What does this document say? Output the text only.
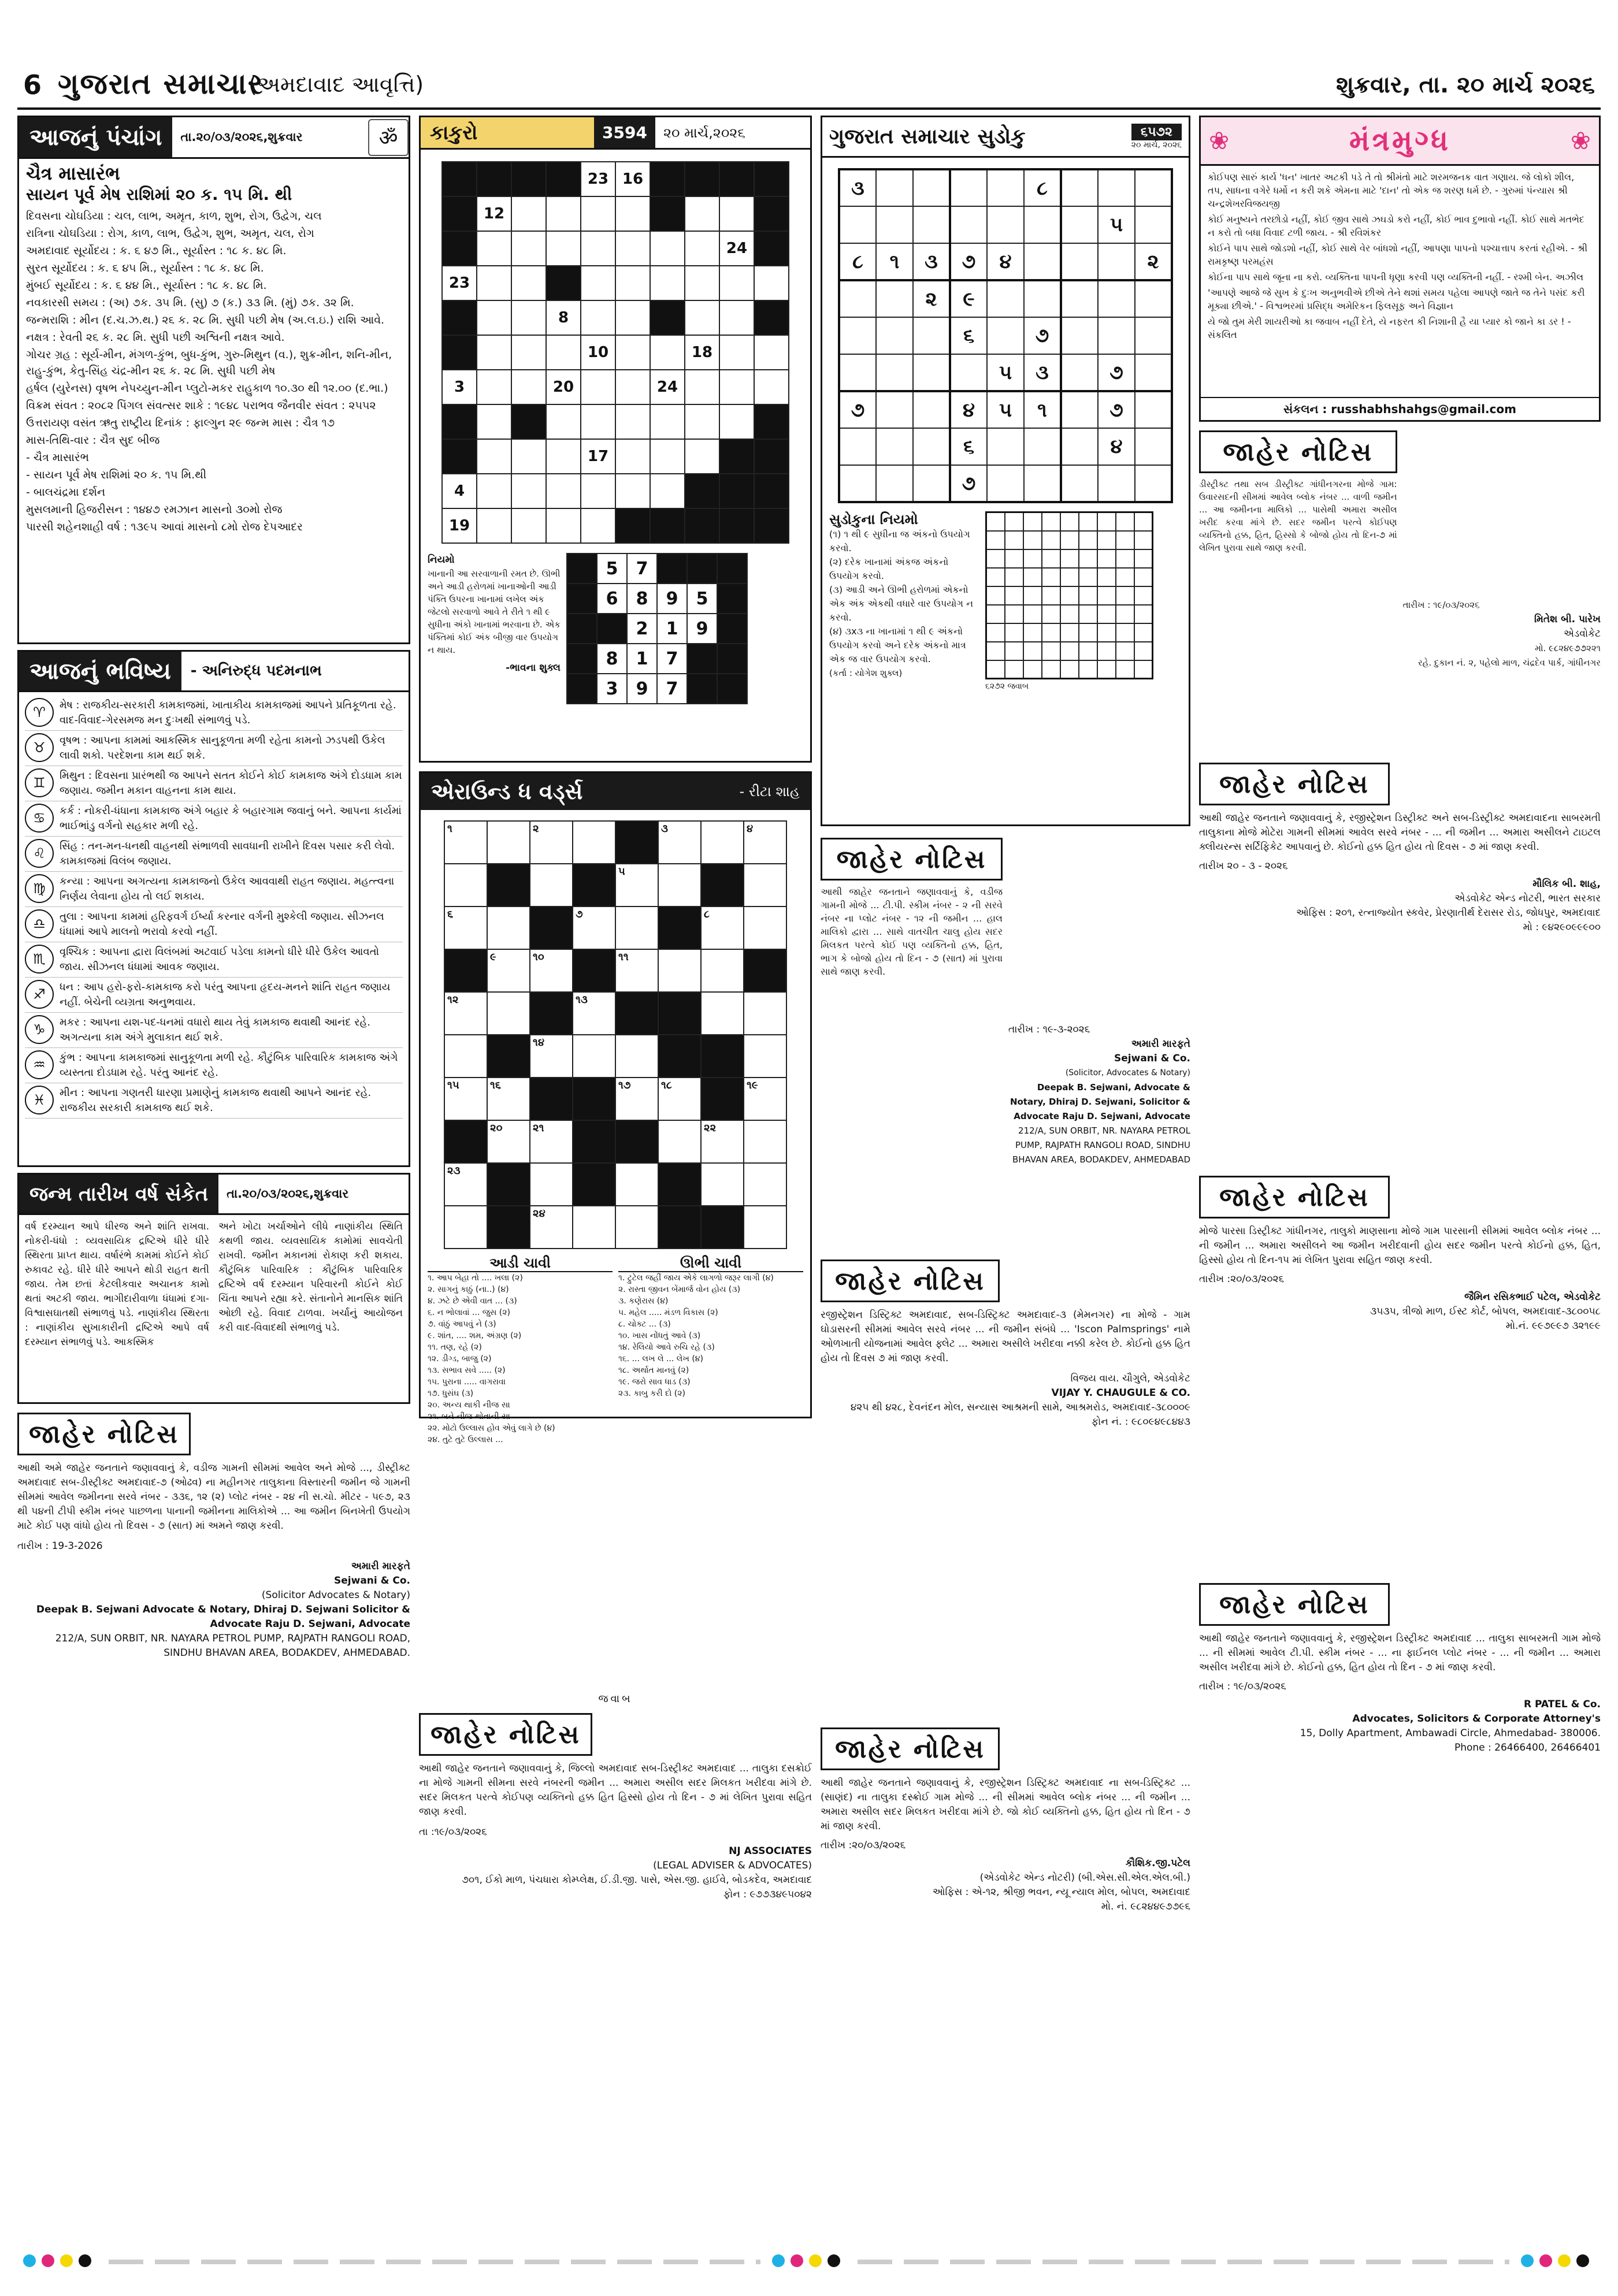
6 ગુજરાત સમાચાર
(અમદાવાદ આવૃત્તિ)	શુક્રવાર, તા. ૨૦ માર્ચ ૨૦૨૬
આજનું પંચાંગ	તા.૨૦/૦૩/૨૦૨૬,શુક્રવાર	ॐ
ચૈત્ર માસારંભ
સાયન પૂર્વ મેષ રાશિમાં ૨૦ ક. ૧૫ મિ. થી

દિવસના ચોઘડિયા : ચલ, લાભ, અમૃત, કાળ, શુભ, રોગ, ઉદ્વેગ, ચલ

રાત્રિના ચોઘડિયા : રોગ, કાળ, લાભ, ઉદ્વેગ, શુભ, અમૃત, ચલ, રોગ

અમદાવાદ સૂર્યોદય : ક. ૬ ૪૭ મિ., સૂર્યાસ્ત : ૧૮ ક. ૪૮ મિ.

સુરત સૂર્યોદય : ક. ૬ ૪૫ મિ., સૂર્યાસ્ત : ૧૮ ક. ૪૮ મિ.

મુંબઈ સૂર્યોદય : ક. ૬ ૪૪ મિ., સૂર્યાસ્ત : ૧૮ ક. ૪૮ મિ.

નવકારસી સમય : (અ) ૭ક. ૩૫ મિ. (સુ) ૭ (ક.) ૩૩ મિ. (મું) ૭ક. ૩૨ મિ.

જન્મરાશિ : મીન (દ.ચ.ઝ.થ.) ૨૬ ક. ૨૮ મિ. સુધી પછી મેષ (અ.લ.ઇ.) રાશિ આવે.

નક્ષત્ર : રેવતી ૨૬ ક. ૨૮ મિ. સુધી પછી અશ્વિની નક્ષત્ર આવે.

ગોચર ગ્રહ : સૂર્ય-મીન, મંગળ-કુંભ, બુધ-કુંભ, ગુરુ-મિથુન (વ.), શુક્ર-મીન, શનિ-મીન, રાહુ-કુંભ, કેતુ-સિંહ ચંદ્ર-મીન ૨૬ ક. ૨૮ મિ. સુધી પછી મેષ

હર્ષલ (યુરેનસ) વૃષભ નેપચ્યુન-મીન પ્લુટો-મકર રાહુકાળ ૧૦.૩૦ થી ૧૨.૦૦ (દ.ભા.)

વિક્રમ સંવત : ૨૦૮૨ પિંગલ સંવત્સર શાકે : ૧૯૪૮ પરાભવ જૈનવીર સંવત : ૨૫૫૨

ઉત્તરાયણ વસંત ઋતુ રાષ્ટ્રીય દિનાંક : ફાલ્ગુન ૨૯ જન્મ માસ : ચૈત્ર ૧૭

માસ-તિથિ-વાર : ચૈત્ર સુદ બીજ

- ચૈત્ર માસારંભ

- સાયન પૂર્વ મેષ રાશિમાં ૨૦ ક. ૧૫ મિ.થી

- બાલચંદ્રમા દર્શન

મુસલમાની હિજરીસન : ૧૪૪૭ રમઝાન માસનો ૩૦મો રોજ

પારસી શહેનશાહી વર્ષ : ૧૩૯૫ આવાં માસનો ૮મો રોજ દેપઆદર

આજનું ભવિષ્ય	- અનિરુદ્ધ પદમનાભ
♈	મેષ : રાજકીય-સરકારી કામકાજમાં, ખાતાકીય કામકાજમાં આપને પ્રતિકૂળતા રહે. વાદ-વિવાદ-ગેરસમજ મન દુઃખથી સંભાળવું પડે.
♉	વૃષભ : આપના કામમાં આકસ્મિક સાનુકૂળતા મળી રહેતા કામનો ઝડપથી ઉકેલ લાવી શકો. પરદેશના કામ થઈ શકે.
♊	મિથુન : દિવસના પ્રારંભથી જ આપને સતત કોઈને કોઈ કામકાજ અંગે દોડધામ કામ જણાય. જમીન મકાન વાહનના કામ થાય.
♋	કર્ક : નોકરી-ધંધાના કામકાજ અંગે બહાર કે બહારગામ જવાનું બને. આપના કાર્યમાં ભાઈભાંડુ વર્ગનો સહકાર મળી રહે.
♌	સિંહ : તન-મન-ધનથી વાહનથી સંભાળવી સાવધાની રાખીને દિવસ પસાર કરી લેવો. કામકાજમાં વિલંબ જણાય.
♍	કન્યા : આપના અગત્યના કામકાજનો ઉકેલ આવવાથી રાહત જણાય. મહત્ત્વના નિર્ણય લેવાના હોય તો લઈ શકાય.
♎	તુલા : આપના કામમાં હરિફવર્ગ ઈર્ષ્યા કરનાર વર્ગની મુશ્કેલી જણાય. સીઝનલ ધંધામાં આપે માલનો ભરાવો કરવો નહીં.
♏	વૃશ્ચિક : આપના દ્વારા વિલંબમાં અટવાઈ પડેલા કામનો ધીરે ધીરે ઉકેલ આવતો જાય. સીઝનલ ધંધામાં આવક જણાય.
♐	ધન : આપ હરો-ફરો-કામકાજ કરો પરંતુ આપના હૃદય-મનને શાંતિ રાહત જણાય નહીં. બેચેની વ્યગ્રતા અનુભવાય.
♑	મકર : આપના યશ-પદ-ધનમાં વધારો થાય તેવું કામકાજ થવાથી આનંદ રહે. અગત્યના કામ અંગે મુલાકાત થઈ શકે.
♒	કુંભ : આપના કામકાજમાં સાનુકૂળતા મળી રહે. કૌટુંબિક પારિવારિક કામકાજ અંગે વ્યસ્તતા દોડધામ રહે. પરંતુ આનંદ રહે.
♓	મીન : આપના ગણતરી ધારણા પ્રમાણેનું કામકાજ થવાથી આપને આનંદ રહે. રાજકીય સરકારી કામકાજ થઈ શકે.
જન્મ તારીખ વર્ષ સંકેત	તા.૨૦/૦૩/૨૦૨૬,શુક્રવાર
વર્ષ દરમ્યાન આપે ધીરજ અને શાંતિ રાખવા. નોકરી-ધંધો : વ્યવસાયિક દ્રષ્ટિએ ધીરે ધીરે સ્થિરતા પ્રાપ્ત થાય. વર્ષારંભે કામમાં કોઈને કોઈ રુકાવટ રહે. ધીરે ધીરે આપને થોડી રાહત થતી જાય. તેમ છતાં કેટલીકવાર અચાનક કામો થતાં અટકી જાય. ભાગીદારીવાળા ધંધામાં દગા-વિશ્વાસઘાતથી સંભાળવું પડે. નાણાંકીય સ્થિરતા : નાણાંકીય સુખાકારીની દ્રષ્ટિએ આપે વર્ષ દરમ્યાન સંભાળવું પડે. આકસ્મિક
અને ખોટા ખર્ચાઓને લીધે નાણાંકીય સ્થિતિ કથળી જાય. વ્યવસાયિક કામોમાં સાવચેતી રાખવી. જમીન મકાનમાં રોકાણ કરી શકાય. કૌટુંબિક પારિવારિક : કૌટુંબિક પારિવારિક દ્રષ્ટિએ વર્ષ દરમ્યાન પરિવારની કોઈને કોઈ ચિંતા આપને રહ્યા કરે. સંતાનોને માનસિક શાંતિ ઓછી રહે. વિવાદ ટાળવા. ખર્ચાનું આયોજન કરી વાદ-વિવાદથી સંભાળવું પડે.
જાહેર નોટિસ
આથી અમે જાહેર જનતાને જણાવવાનું કે, વડીજ ગામની સીમમાં આવેલ અને મોજે ..., ડીસ્ટ્રીક્ટ અમદાવાદ સબ-ડીસ્ટ્રીક્ટ અમદાવાદ-૭ (ઓઢવ) ના મહીનગર તાલુકાના વિસ્તારની જમીન જે ગામની સીમમાં આવેલ જમીનના સરવે નંબર - ૩૩૬, ૧૨ (૨) પ્લોટ નંબર - ૨૪ ની સ.ચો. મીટર - ૫૯૭, ૨૩ થી ૫૪ની ટીપી સ્કીમ નંબર પાછળના પાનાની જમીનના માલિકોએ ... આ જમીન બિનખેતી ઉપયોગ માટે કોઈ પણ વાંધો હોય તો દિવસ - ૭ (સાત) માં અમને જાણ કરવી.
તારીખ : 19-3-2026
અમારી મારફતે
Sejwani & Co.
(Solicitor Advocates & Notary)
Deepak B. Sejwani Advocate & Notary, Dhiraj D. Sejwani Solicitor & Advocate Raju D. Sejwani, Advocate
212/A, SUN ORBIT, NR. NAYARA PETROL PUMP, RAJPATH RANGOLI ROAD, SINDHU BHAVAN AREA, BODAKDEV, AHMEDABAD.
કાકુરો	3594	૨૦ માર્ચ,૨૦૨૬
				23	16				
	12								
								24	
23									
			8						
				10			18		
3			20			24			

				17					
4									
19									
નિયમો
ખાનાની આ સરવાળાની રમત છે. ઊભી અને આડી હરોળમાં ખાનાઓની આડી પંક્તિ ઉપરના ખાનામાં લખેલ અંક જેટલો સરવાળો આવે તે રીતે ૧ થી ૯ સુધીના અંકો ખાનામાં ભરવાના છે. એક પંક્તિમાં કોઈ અંક બીજી વાર ઉપયોગ ન થાય.
-ભાવના શુક્લ
	5	7			
	6	8	9	5	
		2	1	9	
	8	1	7		
	3	9	7		
એરાઉન્ડ ધ વર્ડ્સ	- રીટા શાહ
૧		૨			૩		૪

				૫			

૬			૭			૮	

	૯	૧૦		૧૧			

૧૨			૧૩				

		૧૪					

૧૫	૧૬			૧૭	૧૮		૧૯

	૨૦	૨૧				૨૨	

૨૩							

		૨૪					

આડી ચાવી
૧. આપ બેહા તો .... ખલા (૨)
૨. સાગનું કાઠું (ના..) (૪)
૪. ઝટે છે એવી વાત ... (૩)
૬. ન ભોલાવાં ... જુસ (૨)
૭. વાંઠું આપવું ને (૩)
૯. શાંત, .... શમ, અંગ્રણ (૨)
૧૧. તણ, રહે (૨)
૧૨. ડીગ્ડ, બાજુ (૨)
૧૩. સભાવ સવે ..... (૨)
૧૫. પુરાના ..... વાગરાવા
૧૭. ધુસંઘ (૩)
૨૦. અન્ય થાકી નીજ સા
૨૧. બને નીજ થોતાની સા
૨૨. મોટો ઉલ્લાસ હોવ એવું લાગે છે (૪)
૨૪. તુટે તુટે ઉલ્લાસ ...
ઊભી ચાવી
૧. ટ્રુટેલ જહીં જાય એકે લાગળો જરૂર લાગી (૪)
૨. રાસ્તા જીવન બેંમાર્જ વોન હોય (૩)
૩. કણેરાસ (૪)
૫. મહેલ ..... મંડળ વિકાસ (૨)
૮. ચોક્ટ ... (૩)
૧૦. ખાસ નોંધતું આવે (૩)
૧૪. રેલિયો આવે રુચિ રહે (૩)
૧૬. ... લખ લે ... લેખ (૪)
૧૮. અર્થાત માનવું (૨)
૧૯. જરો સાવ ધાડ (૩)
૨૩. કાબુ કરી દો (૨)
જવાબ
જાહેર નોટિસ
આથી જાહેર જનતાને જણાવવાનું કે, જિલ્લો અમદાવાદ સબ-ડિસ્ટ્રીક્ટ અમદાવાદ ... તાલુકા દસક્રોઈ ના મોજે ગામની સીમના સરવે નંબરની જમીન ... અમારા અસીલ સદર મિલકત ખરીદવા માંગે છે. સદર મિલકત પરત્વે કોઈપણ વ્યક્તિનો હક્ક હિત હિસ્સો હોય તો દિન - ૭ માં લેખિત પુરાવા સહિત જાણ કરવી.
તા :૧૯/૦૩/૨૦૨૬
NJ ASSOCIATES
(LEGAL ADVISER & ADVOCATES)
૭૦૧, ઈકો માળ, પંચધારા કોમ્પ્લેક્ષ, ઈ.ડી.જી. પાસે, એસ.જી. હાઈવે, બોડકદેવ, અમદાવાદ
ફોન : ૯૭૭૩૪૯૫૦૪૨
ગુજરાત સમાચાર સુડોકુ	૬૫૭૨
૨૦ માર્ચ, ૨૦૨૬
૩					૮			
							૫	
૮	૧	૩	૭	૪				૨
		૨	૯					
			૬		૭			
				૫	૩		૭	
૭			૪	૫	૧		૭	
			૬				૪	
			૭					
સુડોકુના નિયમો
(૧) ૧ થી ૯ સુધીના જ અંકનો ઉપયોગ કરવો.
(૨) દરેક ખાનામાં અંકજ અંકનો ઉપયોગ કરવો.
(૩) આડી અને ઊભી હરોળમાં એકનો એક અંક એકથી વધારે વાર ઉપયોગ ન કરવો.
(૪) ૩x૩ ના ખાનામાં ૧ થી ૯ અંકનો ઉપયોગ કરવો અને દરેક અંકનો માત્ર એક જ વાર ઉપયોગ કરવો.
(કર્તા : યોગેશ શુક્લ)

૬૨૭૨ જવાબ
જાહેર નોટિસ
આથી જાહેર જનતાને જણાવવાનું કે, વડીજ ગામની મોજે ... ટી.પી. સ્કીમ નંબર - ૨ ની સરવે નંબર ના પ્લોટ નંબર - ૧૨ ની જમીન ... હાલ માલિકો દ્વારા ... સાથે વાતચીત ચાલુ હોય સદર મિલકત પરત્વે કોઈ પણ વ્યક્તિનો હક્ક, હિત, ભાગ કે બોજો હોય તો દિન - ૭ (સાત) માં પુરાવા સાથે જાણ કરવી.
તારીખ : ૧૯-૩-૨૦૨૬
અમારી મારફતે
Sejwani & Co.
(Solicitor, Advocates & Notary)
Deepak B. Sejwani, Advocate & Notary, Dhiraj D. Sejwani, Solicitor & Advocate Raju D. Sejwani, Advocate
212/A, SUN ORBIT, NR. NAYARA PETROL PUMP, RAJPATH RANGOLI ROAD, SINDHU BHAVAN AREA, BODAKDEV, AHMEDABAD
જાહેર નોટિસ
રજીસ્ટ્રેશન ડિસ્ટ્રિક્ટ અમદાવાદ, સબ-ડિસ્ટ્રિક્ટ અમદાવાદ-૩ (મેમનગર) ના મોજે - ગામ ઘોડાસરની સીમમાં આવેલ સરવે નંબર ... ની જમીન સંબંધે ... 'Iscon Palmsprings' નામે ઓળખાતી યોજનામાં આવેલ ફ્લેટ ... અમારા અસીલે ખરીદવા નક્કી કરેલ છે. કોઈનો હક્ક હિત હોય તો દિવસ ૭ માં જાણ કરવી.
વિજય વાય. ચૌગુલે, એડવોકેટ
VIJAY Y. CHAUGULE & CO.
૪૨૫ થી ૪૨૮, દેવનંદન મોલ, સન્યાસ આશ્રમની સામે, આશ્રમરોડ, અમદાવાદ-૩૮૦૦૦૯
ફોન નં. : ૯૮૦૯૪૯૮૪૪૩
જાહેર નોટિસ
આથી જાહેર જનતાને જણાવવાનું કે, રજીસ્ટ્રેશન ડિસ્ટ્રિક્ટ અમદાવાદ ના સબ-ડિસ્ટ્રિક્ટ ... (સાણંદ) ના તાલુકા દસ્ક્રોઈ ગામ મોજે ... ની સીમમાં આવેલ બ્લોક નંબર ... ની જમીન ... અમારા અસીલ સદર મિલકત ખરીદવા માંગે છે. જો કોઈ વ્યક્તિનો હક્ક, હિત હોય તો દિન - ૭ માં જાણ કરવી.
તારીખ :૨૦/૦૩/૨૦૨૬
કૌશિક.જી.પટેલ
(એડવોકેટ એન્ડ નોટરી) (બી.એસ.સી.એલ.એલ.બી.)
ઓફિસ : એ-૧૨, શ્રીજી ભવન, ન્યૂ ન્યાલ મોલ, બોપલ, અમદાવાદ
મો. નં. ૯૮૨૪૪૯૭૭૯૬
❀	મંત્રમુગ્ધ	❀
કોઈપણ સારું કાર્ય 'ધન' ખાતર અટકી પડે તે તો શ્રીમંતો માટે શરમજનક વાત ગણાય. જે લોકો શીલ, તપ, સાધના વગેરે ધર્મો ન કરી શકે એમના માટે 'દાન' તો એક જ શરણ ધર્મ છે. - ગુરુમાં પંન્યાસ શ્રી ચન્દ્રશેખરવિજયજી
કોઈ મનુષ્યને તરછોડો નહીં, કોઈ જીવ સાથે ઝઘડો કરો નહીં, કોઈ ભાવ દુભાવો નહીં. કોઈ સાથે મતભેદ ન કરો તો બધા વિવાદ ટળી જાય. - શ્રી રવિશંકર
કોઈને પાપ સાથે જોડશો નહીં, કોઈ સાથે વેર બાંધશો નહીં, આપણા પાપનો પશ્ચાત્તાપ કરતાં રહીએ. - શ્રી રામકૃષ્ણ પરમહંસ
કોઈના પાપ સાથે જૂના ના કરો. વ્યક્તિના પાપની ધૃણા કરવી પણ વ્યક્તિની નહીં. - રશ્મી બેન. અઝીલ
'આપણે આજે જે સુખ કે દુઃખ અનુભવીએ છીએ તેને થશાં સમય પહેલા આપણે જાતે જ તેને પસંદ કરી મૂક્યા છીએ.' - વિશ્વભરમાં પ્રસિદ્ધ અમેરિકન ફિલસૂફ અને વિજ્ઞાન
યે જો તુમ મેરી શાયરીઓ કા જવાબ નહીં દેતે, યે નફરત કી નિશાની હૈ યા પ્યાર કો જાને કા ડર ! - સંકલિત
સંકલન : russhabhshahgs@gmail.com
જાહેર નોટિસ
ડીસ્ટ્રીક્ટ તથા સબ ડીસ્ટ્રીક્ટ ગાંધીનગરના મોજે ગામ: ઉવારસદની સીમમાં આવેલ બ્લોક નંબર ... વાળી જમીન ... આ જમીનના માલિકો ... પાસેથી અમારા અસીલ ખરીદ કરવા માંગે છે. સદર જમીન પરત્વે કોઈપણ વ્યક્તિનો હક્ક, હિત, હિસ્સો કે બોજો હોય તો દિન-૭ માં લેખિત પુરાવા સાથે જાણ કરવી.
તારીખ : ૧૯/૦૩/૨૦૨૬
મિતેશ બી. પારેખ
એડવોકેટ
મો. ૯૮૨૪૯૭૭૨૨૧
રહે. દુકાન નં. ૨, પહેલો માળ, ચંદ્રદેવ પાર્ક, ગાંધીનગર
જાહેર નોટિસ
આથી જાહેર જનતાને જણાવવાનું કે, રજીસ્ટ્રેશન ડિસ્ટ્રીક્ટ અને સબ-ડિસ્ટ્રીક્ટ અમદાવાદના સાબરમતી તાલુકાના મોજે મોટેરા ગામની સીમમાં આવેલ સરવે નંબર - ... ની જમીન ... અમારા અસીલને ટાઇટલ ક્લીયરન્સ સર્ટિફિકેટ આપવાનું છે. કોઈનો હક્ક હિત હોય તો દિવસ - ૭ માં જાણ કરવી.
તારીખ ૨૦ - ૩ - ૨૦૨૬
મૌલિક બી. શાહ,
એડવોકેટ એન્ડ નોટરી, ભારત સરકાર
ઓફિસ : ૨૦૧, રત્નાજ્યોત સ્કવેર, પ્રેરણાતીર્થ દેરાસર રોડ, જોધપુર, અમદાવાદ
મો : ૯૪૨૯૦૯૯૯૦૦
જાહેર નોટિસ
મોજે પારસા ડિસ્ટ્રીક્ટ ગાંધીનગર, તાલુકો માણસાના મોજે ગામ પારસાની સીમમાં આવેલ બ્લોક નંબર ... ની જમીન ... અમારા અસીલને આ જમીન ખરીદવાની હોય સદર જમીન પરત્વે કોઈનો હક્ક, હિત, હિસ્સો હોય તો દિન-૧૫ માં લેખિત પુરાવા સહિત જાણ કરવી.
તારીખ :૨૦/૦૩/૨૦૨૬
જૈમિન રસિકભાઈ પટેલ, એડવોકેટ
૩૫૩૫, ત્રીજો માળ, ઈસ્ટ કોર્ટ, બોપલ, અમદાવાદ-૩૮૦૦૫૮
મો.નં. ૯૯૭૯૯૭ ૩૨૧૯૯
જાહેર નોટિસ
આથી જાહેર જનતાને જણાવવાનું કે, રજીસ્ટ્રેશન ડિસ્ટ્રીક્ટ અમદાવાદ ... તાલુકા સાબરમતી ગામ મોજે ... ની સીમમાં આવેલ ટી.પી. સ્કીમ નંબર - ... ના ફાઈનલ પ્લોટ નંબર - ... ની જમીન ... અમારા અસીલ ખરીદવા માંગે છે. કોઈનો હક્ક, હિત હોય તો દિન - ૭ માં જાણ કરવી.
તારીખ : ૧૯/૦૩/૨૦૨૬
R PATEL & Co.
Advocates, Solicitors & Corporate Attorney's
15, Dolly Apartment, Ambawadi Circle, Ahmedabad- 380006.
Phone : 26466400, 26466401
